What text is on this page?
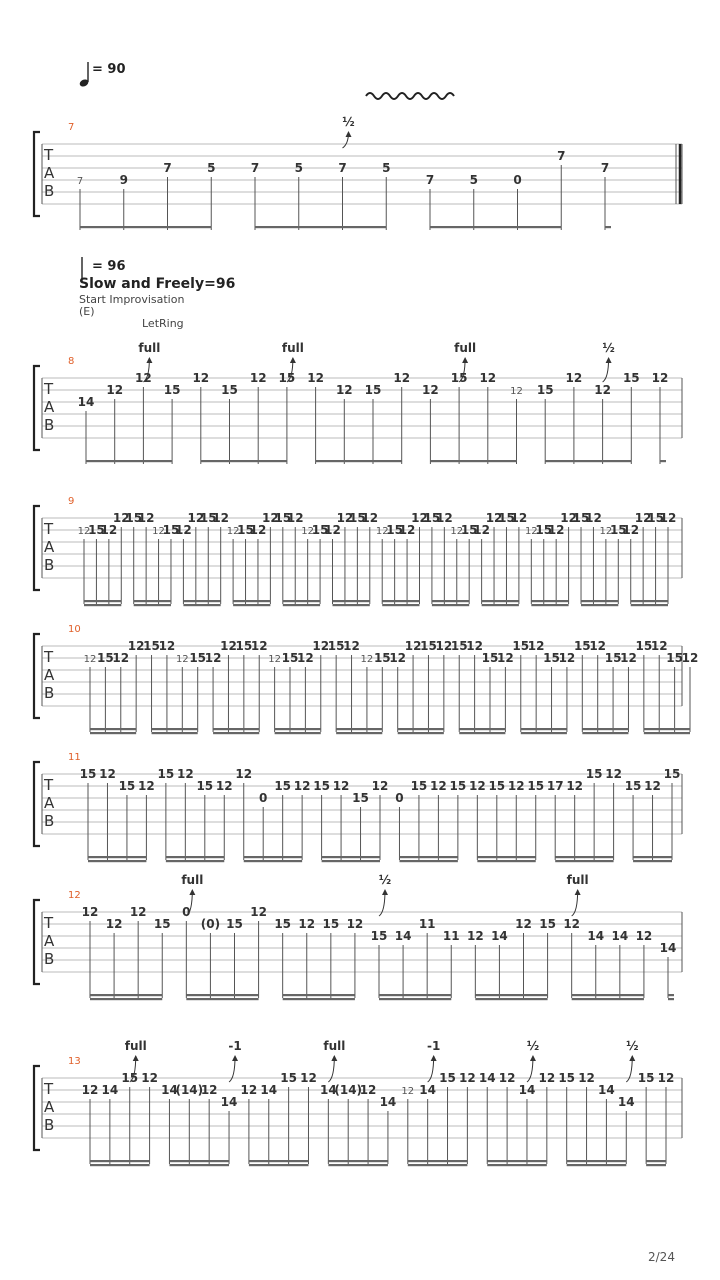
= 90
= 96
Slow and Freely=96
Start Improvisation
(E)
LetRing
T
A
B
7
7	9
7	5	7	5	7	5
7	5	0
7
7
½
T
A
B
8
14
12
12
15
12
15
12 15 12
12 15
12
12
15 12
12 15
12
12
15 12
full	full	full	½
T
A
B
9
12
15
12
12
15
12
12
15
12
12
15
12
12
15
12
12
15
12
12
15
12
12
15
12
12
15
12
12
15
12
12
15
12
12
15
12
12
15
12
12
15
12
12
15
12
12
15
12
T
A
B
10
12 15
12
12
15
12
12 15
12
12
15
12
12 15
12
12
15
12
12 15
12
12
15
12
15
12
15
12
15
12
15
12
15
12
15
12
15
12
15
12
T
A
B
11
15 12
15 12
15 12
15 12
12
0
15 12 15 12
15
12
0
15 12 15 12 15 12 15 17 12
15 12
15 12
15
T
A
B
12
12
12
12
15
0
(0) 15
12
15 12 15 12
15 14
11
11 12 14
12 15 12
14 14 12
14
full	½	full
T
A
B
13
12 14
15 12
14
(14)
12
14
12 14
15 12
14
(14)
12
14
12 14
15 12 14 12
14
12 15 12
14
14
15 12
full	-1	full	-1	½	½
2/24
